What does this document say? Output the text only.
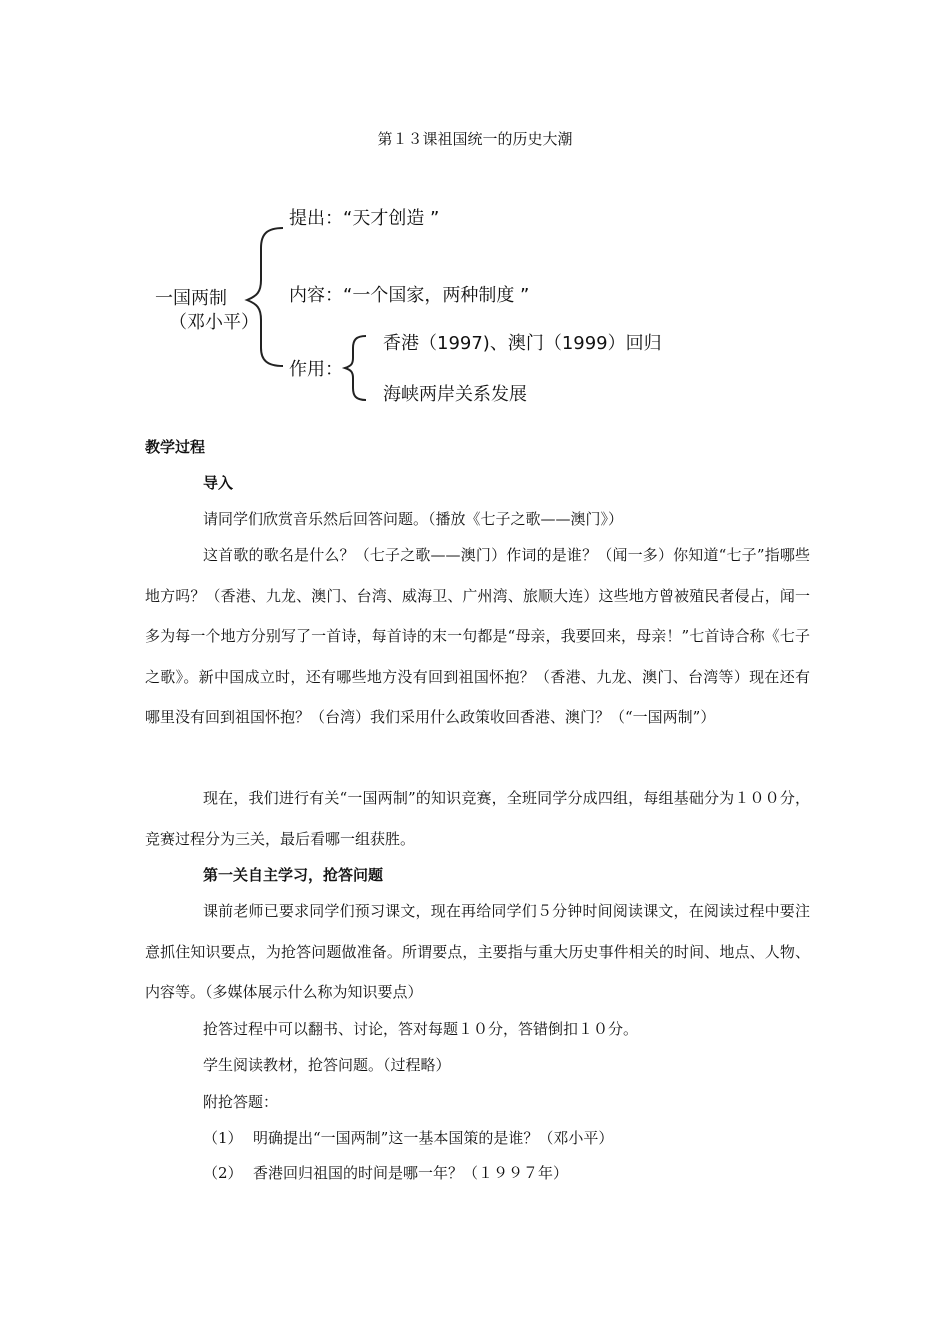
第１３课祖国统一的历史大潮
一国两制
（邓小平）
提出：“天才创造 ”
内容：“一个国家，两种制度 ”
作用：
香港（1997)、澳门（1999）回归
海峡两岸关系发展
教学过程
导入
请同学们欣赏音乐然后回答问题。（播放《七子之歌——澳门》）

这首歌的歌名是什么？（七子之歌——澳门）作词的是谁？（闻一多）你知道“七子”指哪些地方吗？（香港、九龙、澳门、台湾、威海卫、广州湾、旅顺大连）这些地方曾被殖民者侵占，闻一多为每一个地方分别写了一首诗，每首诗的末一句都是“母亲，我要回来，母亲！”七首诗合称《七子之歌》。新中国成立时，还有哪些地方没有回到祖国怀抱？（香港、九龙、澳门、台湾等）现在还有哪里没有回到祖国怀抱？（台湾）我们采用什么政策收回香港、澳门？（“一国两制”）

现在，我们进行有关“一国两制”的知识竞赛，全班同学分成四组，每组基础分为１００分，竞赛过程分为三关，最后看哪一组获胜。

第一关自主学习，抢答问题

课前老师已要求同学们预习课文，现在再给同学们５分钟时间阅读课文，在阅读过程中要注意抓住知识要点，为抢答问题做准备。所谓要点，主要指与重大历史事件相关的时间、地点、人物、内容等。（多媒体展示什么称为知识要点）

抢答过程中可以翻书、讨论，答对每题１０分，答错倒扣１０分。
学生阅读教材，抢答问题。（过程略）
附抢答题：
（1） 明确提出“一国两制”这一基本国策的是谁？（邓小平）
（2） 香港回归祖国的时间是哪一年？（１９９７年）
